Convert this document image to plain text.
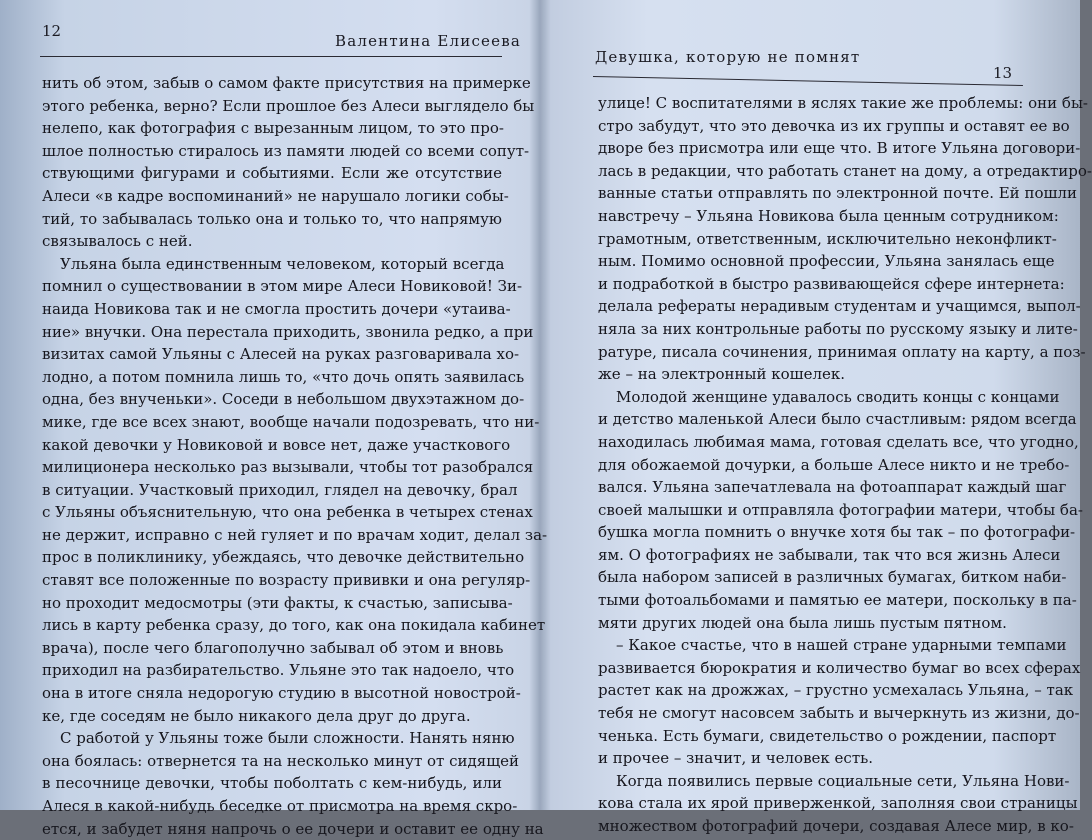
12
Валентина Елисеева
нить об этом, забыв о самом факте присутствия на примерке
этого ребенка, верно? Если прошлое без Алеси выглядело бы
нелепо, как фотография с вырезанным лицом, то это про-
шлое полностью стиралось из памяти людей со всеми сопут-
ствующими фигурами и событиями. Если же отсутствие
Алеси «в кадре воспоминаний» не нарушало логики собы-
тий, то забывалась только она и только то, что напрямую
связывалось с ней.
Ульяна была единственным человеком, который всегда
помнил о существовании в этом мире Алеси Новиковой! Зи-
наида Новикова так и не смогла простить дочери «утаива-
ние» внучки. Она перестала приходить, звонила редко, а при
визитах самой Ульяны с Алесей на руках разговаривала хо-
лодно, а потом помнила лишь то, «что дочь опять заявилась
одна, без внученьки». Соседи в небольшом двухэтажном до-
мике, где все всех знают, вообще начали подозревать, что ни-
какой девочки у Новиковой и вовсе нет, даже участкового
милиционера несколько раз вызывали, чтобы тот разобрался
в ситуации. Участковый приходил, глядел на девочку, брал
с Ульяны объяснительную, что она ребенка в четырех стенах
не держит, исправно с ней гуляет и по врачам ходит, делал за-
прос в поликлинику, убеждаясь, что девочке действительно
ставят все положенные по возрасту прививки и она регуляр-
но проходит медосмотры (эти факты, к счастью, записыва-
лись в карту ребенка сразу, до того, как она покидала кабинет
врача), после чего благополучно забывал об этом и вновь
приходил на разбирательство. Ульяне это так надоело, что
она в итоге сняла недорогую студию в высотной новострой-
ке, где соседям не было никакого дела друг до друга.
С работой у Ульяны тоже были сложности. Нанять няню
она боялась: отвернется та на несколько минут от сидящей
в песочнице девочки, чтобы поболтать с кем-нибудь, или
Алеся в какой-нибудь беседке от присмотра на время скро-
ется, и забудет няня напрочь о ее дочери и оставит ее одну на
Девушка, которую не помнят
13
улице! С воспитателями в яслях такие же проблемы: они бы-
стро забудут, что это девочка из их группы и оставят ее во
дворе без присмотра или еще что. В итоге Ульяна договори-
лась в редакции, что работать станет на дому, а отредактиро-
ванные статьи отправлять по электронной почте. Ей пошли
навстречу – Ульяна Новикова была ценным сотрудником:
грамотным, ответственным, исключительно неконфликт-
ным. Помимо основной профессии, Ульяна занялась еще
и подработкой в быстро развивающейся сфере интернета:
делала рефераты нерадивым студентам и учащимся, выпол-
няла за них контрольные работы по русскому языку и лите-
ратуре, писала сочинения, принимая оплату на карту, а поз-
же – на электронный кошелек.
Молодой женщине удавалось сводить концы с концами
и детство маленькой Алеси было счастливым: рядом всегда
находилась любимая мама, готовая сделать все, что угодно,
для обожаемой дочурки, а больше Алесе никто и не требо-
вался. Ульяна запечатлевала на фотоаппарат каждый шаг
своей малышки и отправляла фотографии матери, чтобы ба-
бушка могла помнить о внучке хотя бы так – по фотографи-
ям. О фотографиях не забывали, так что вся жизнь Алеси
была набором записей в различных бумагах, битком наби-
тыми фотоальбомами и памятью ее матери, поскольку в па-
мяти других людей она была лишь пустым пятном.
– Какое счастье, что в нашей стране ударными темпами
развивается бюрократия и количество бумаг во всех сферах
растет как на дрожжах, – грустно усмехалась Ульяна, – так
тебя не смогут насовсем забыть и вычеркнуть из жизни, до-
ченька. Есть бумаги, свидетельство о рождении, паспорт
и прочее – значит, и человек есть.
Когда появились первые социальные сети, Ульяна Нови-
кова стала их ярой приверженкой, заполняя свои страницы
множеством фотографий дочери, создавая Алесе мир, в ко-
